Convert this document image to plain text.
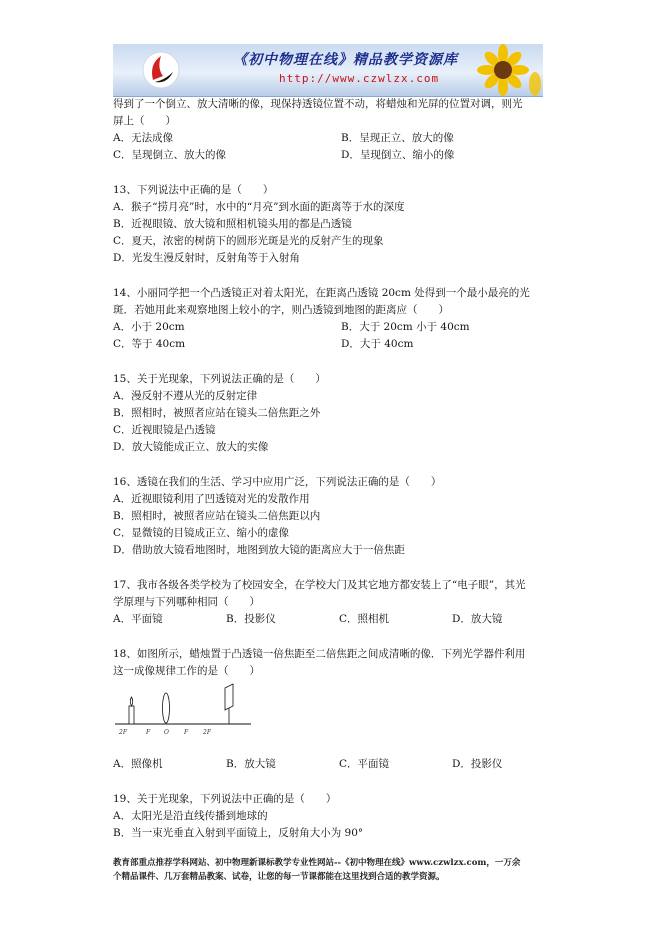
《初中物理在线》精品教学资源库
http://www.czwlzx.com
得到了一个倒立、放大清晰的像，现保持透镜位置不动，将蜡烛和光屏的位置对调，则光
屏上（　　）
A．无法成像	B．呈现正立、放大的像
C．呈现倒立、放大的像	D．呈现倒立、缩小的像
13、下列说法中正确的是（　　）
A．猴子“捞月亮”时，水中的“月亮”到水面的距离等于水的深度
B．近视眼镜、放大镜和照相机镜头用的都是凸透镜
C．夏天，浓密的树荫下的圆形光斑是光的反射产生的现象
D．光发生漫反射时，反射角等于入射角
14、小丽同学把一个凸透镜正对着太阳光，在距离凸透镜 20cm 处得到一个最小最亮的光
斑．若她用此来观察地图上较小的字，则凸透镜到地图的距离应（　　）
A．小于 20cm	B．大于 20cm 小于 40cm
C．等于 40cm	D．大于 40cm
15、关于光现象，下列说法正确的是（　　）
A．漫反射不遵从光的反射定律
B．照相时，被照者应站在镜头二倍焦距之外
C．近视眼镜是凸透镜
D．放大镜能成正立、放大的实像
16、透镜在我们的生活、学习中应用广泛，下列说法正确的是（　　）
A．近视眼镜利用了凹透镜对光的发散作用
B．照相时，被照者应站在镜头二倍焦距以内
C．显微镜的目镜成正立、缩小的虚像
D．借助放大镜看地图时，地图到放大镜的距离应大于一倍焦距
17、我市各级各类学校为了校园安全，在学校大门及其它地方都安装上了“电子眼”，其光
学原理与下列哪种相同（　　）
A．平面镜	B．投影仪	C．照相机	D．放大镜
18、如图所示，蜡烛置于凸透镜一倍焦距至二倍焦距之间成清晰的像．下列光学器件利用
这一成像规律工作的是（　　）
2F	F O	F 2F
A．照像机	B．放大镜	C．平面镜	D．投影仪
19、关于光现象，下列说法中正确的是（　　）
A．太阳光是沿直线传播到地球的
B．当一束光垂直入射到平面镜上，反射角大小为 90°
教育部重点推荐学科网站、初中物理新课标教学专业性网站--《初中物理在线》www.czwlzx.com，一万余
个精品课件、几万套精品教案、试卷，让您的每一节课都能在这里找到合适的教学资源。
